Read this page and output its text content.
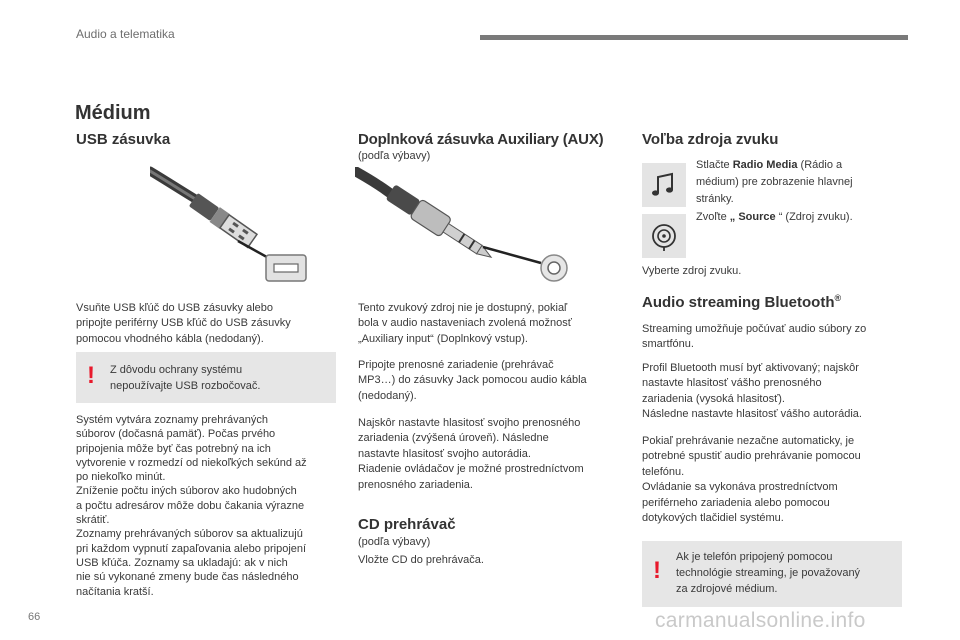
Audio a telematika
Médium
USB zásuvka

Vsuňte USB kľúč do USB zásuvky alebo

pripojte periférny USB kľúč do USB zásuvky

pomocou vhodného kábla (nedodaný).

! Z dôvodu ochrany systému

nepoužívajte USB rozbočovač.

Systém vytvára zoznamy prehrávaných

súborov (dočasná pamäť). Počas prvého

pripojenia môže byť čas potrebný na ich

vytvorenie v rozmedzí od niekoľkých sekúnd až

po niekoľko minút.

Zníženie počtu iných súborov ako hudobných

a počtu adresárov môže dobu čakania výrazne

skrátiť.

Zoznamy prehrávaných súborov sa aktualizujú

pri každom vypnutí zapaľovania alebo pripojení

USB kľúča. Zoznamy sa ukladajú: ak v nich

nie sú vykonané zmeny bude čas následného

načítania kratší.

Doplnková zásuvka Auxiliary (AUX)
(podľa výbavy)

Tento zvukový zdroj nie je dostupný, pokiaľ

bola v audio nastaveniach zvolená možnosť

„Auxiliary input“ (Doplnkový vstup).

Pripojte prenosné zariadenie (prehrávač

MP3…) do zásuvky Jack pomocou audio kábla

(nedodaný).

Najskôr nastavte hlasitosť svojho prenosného

zariadenia (zvýšená úroveň). Následne

nastavte hlasitosť svojho autorádia.

Riadenie ovládačov je možné prostredníctvom

prenosného zariadenia.

CD prehrávač
(podľa výbavy)
Vložte CD do prehrávača.
Voľba zdroja zvuku

Stlačte Radio Media (Rádio a

médium) pre zobrazenie hlavnej

stránky.

Zvoľte „ Source “ (Zdroj zvuku).

Vyberte zdroj zvuku.
Audio streaming Bluetooth®

Streaming umožňuje počúvať audio súbory zo

smartfónu.

Profil Bluetooth musí byť aktivovaný; najskôr

nastavte hlasitosť vášho prenosného

zariadenia (vysoká hlasitosť).

Následne nastavte hlasitosť vášho autorádia.

Pokiaľ prehrávanie nezačne automaticky, je

potrebné spustiť audio prehrávanie pomocou

telefónu.

Ovládanie sa vykonáva prostredníctvom

periférneho zariadenia alebo pomocou

dotykových tlačidiel systému.

! Ak je telefón pripojený pomocou

technológie streaming, je považovaný

za zdrojové médium.

66	carmanualsonline.info
